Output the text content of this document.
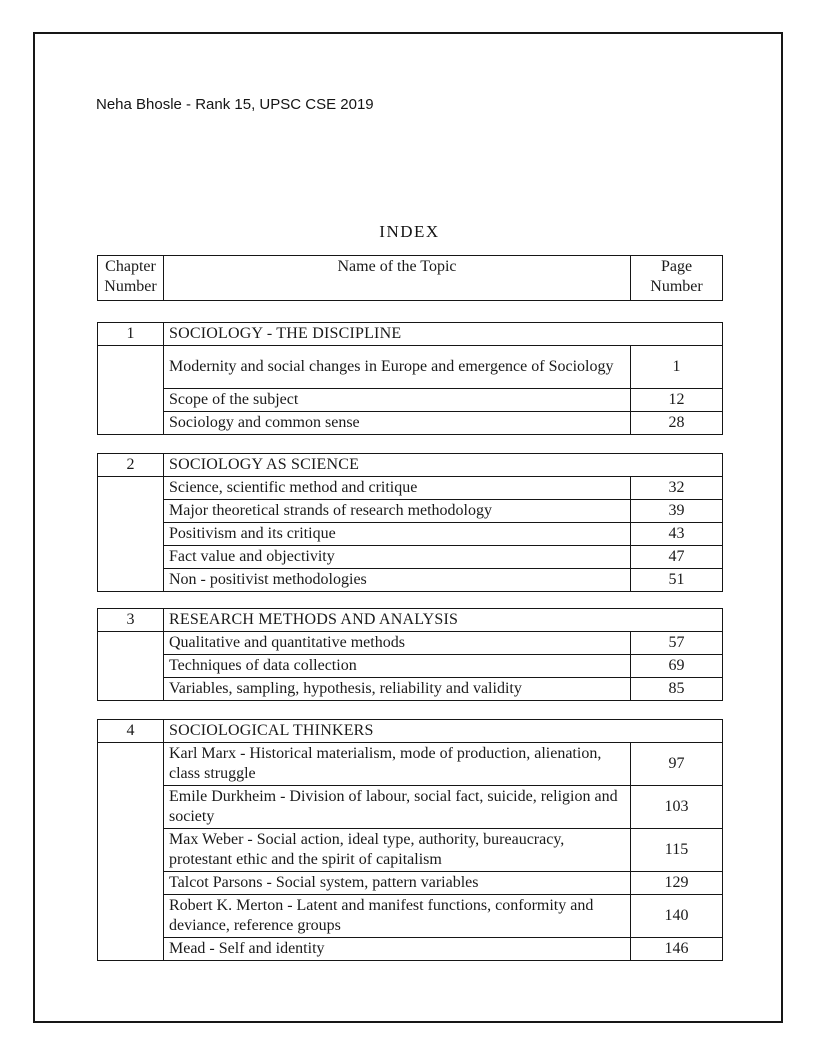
Neha Bhosle - Rank 15, UPSC CSE 2019
INDEX
Chapter Number	Name of the Topic	Page Number
1	SOCIOLOGY - THE DISCIPLINE	
	Modernity and social changes in Europe and emergence of Sociology	1
	Scope of the subject	12
	Sociology and common sense	28
2	SOCIOLOGY AS SCIENCE	
	Science, scientific method and critique	32
	Major theoretical strands of research methodology	39
	Positivism and its critique	43
	Fact value and objectivity	47
	Non - positivist methodologies	51
3	RESEARCH METHODS AND ANALYSIS	
	Qualitative and quantitative methods	57
	Techniques of data collection	69
	Variables, sampling, hypothesis, reliability and validity	85
4	SOCIOLOGICAL THINKERS	
	Karl Marx - Historical materialism, mode of production, alienation, class struggle	97
	Emile Durkheim - Division of labour, social fact, suicide, religion and society	103
	Max Weber - Social action, ideal type, authority, bureaucracy, protestant ethic and the spirit of capitalism	115
	Talcot Parsons - Social system, pattern variables	129
	Robert K. Merton - Latent and manifest functions, conformity and deviance, reference groups	140
	Mead - Self and identity	146
